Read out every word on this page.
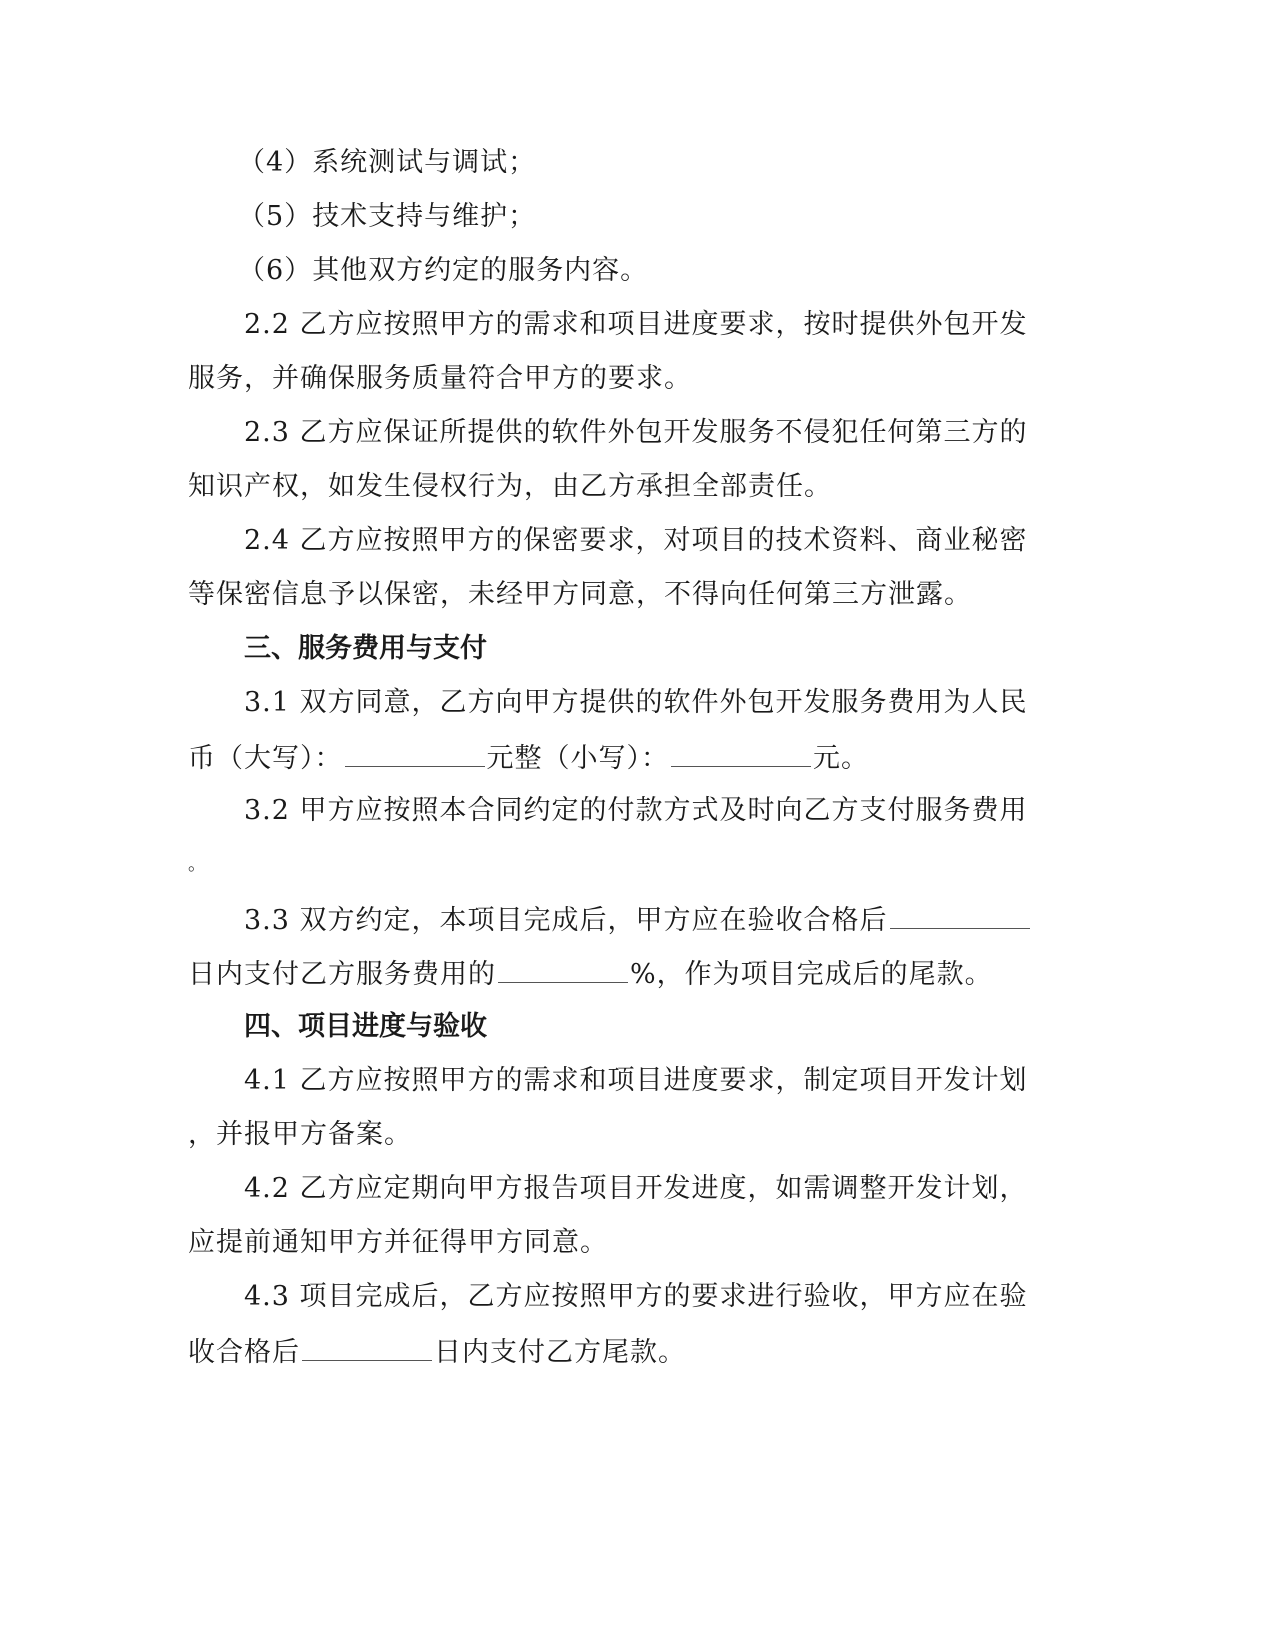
（4）系统测试与调试；
（5）技术支持与维护；
（6）其他双方约定的服务内容。
2.2 乙方应按照甲方的需求和项目进度要求，按时提供外包开发
服务，并确保服务质量符合甲方的要求。
2.3 乙方应保证所提供的软件外包开发服务不侵犯任何第三方的
知识产权，如发生侵权行为，由乙方承担全部责任。
2.4 乙方应按照甲方的保密要求，对项目的技术资料、商业秘密
等保密信息予以保密，未经甲方同意，不得向任何第三方泄露。
三、服务费用与支付
3.1 双方同意，乙方向甲方提供的软件外包开发服务费用为人民
币（大写）：	元整（小写）：	元。
3.2 甲方应按照本合同约定的付款方式及时向乙方支付服务费用
。
3.3 双方约定，本项目完成后，甲方应在验收合格后
日内支付乙方服务费用的	%，作为项目完成后的尾款。
四、项目进度与验收
4.1 乙方应按照甲方的需求和项目进度要求，制定项目开发计划
，并报甲方备案。
4.2 乙方应定期向甲方报告项目开发进度，如需调整开发计划，
应提前通知甲方并征得甲方同意。
4.3 项目完成后，乙方应按照甲方的要求进行验收，甲方应在验
收合格后	日内支付乙方尾款。
